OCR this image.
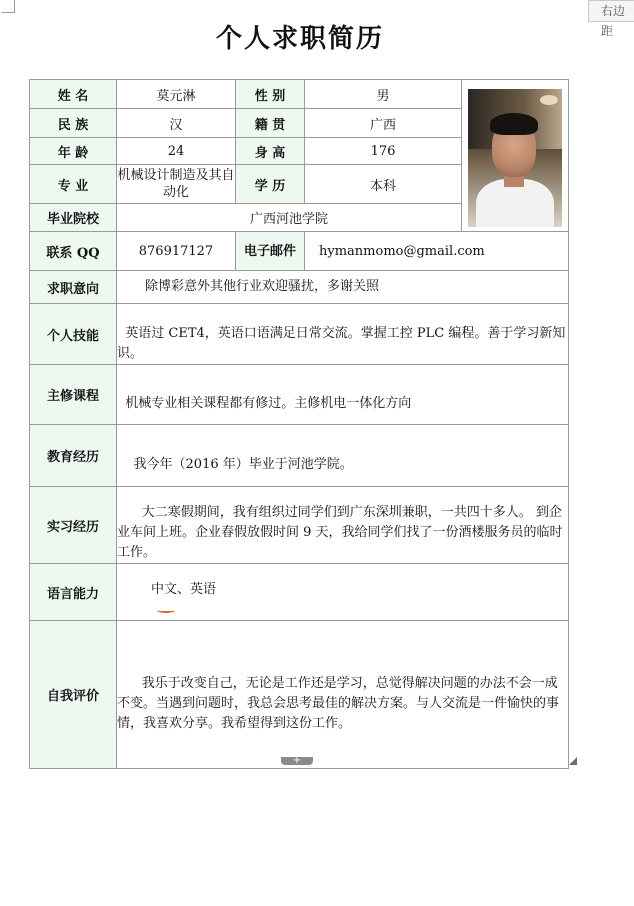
右边距
个人求职简历
姓 名	莫元淋	性 别	男	

民 族	汉	籍 贯	广西	
年 龄	24	身 高	176	
专 业	机械设计制造及其自动化	学 历	本科	
毕业院校	广西河池学院			
联系 QQ	876917127	电子邮件	hymanmomo@gmail.com	
求职意向	除博彩意外其他行业欢迎骚扰，多谢关照			
个人技能	英语过 CET4，英语口语满足日常交流。掌握工控 PLC 编程。善于学习新知识。			
主修课程	机械专业相关课程都有修过。主修机电一体化方向			
教育经历	我今年（2016 年）毕业于河池学院。			
实习经历	大二寒假期间，我有组织过同学们到广东深圳兼职，一共四十多人。 到企业车间上班。企业春假放假时间 9 天，我给同学们找了一份酒楼服务员的临时工作。			
语言能力	中文、英语			

自我评价	我乐于改变自己，无论是工作还是学习，总觉得解决问题的办法不会一成不变。当遇到问题时，我总会思考最佳的解决方案。与人交流是一件愉快的事情，我喜欢分享。我希望得到这份工作。			
+
